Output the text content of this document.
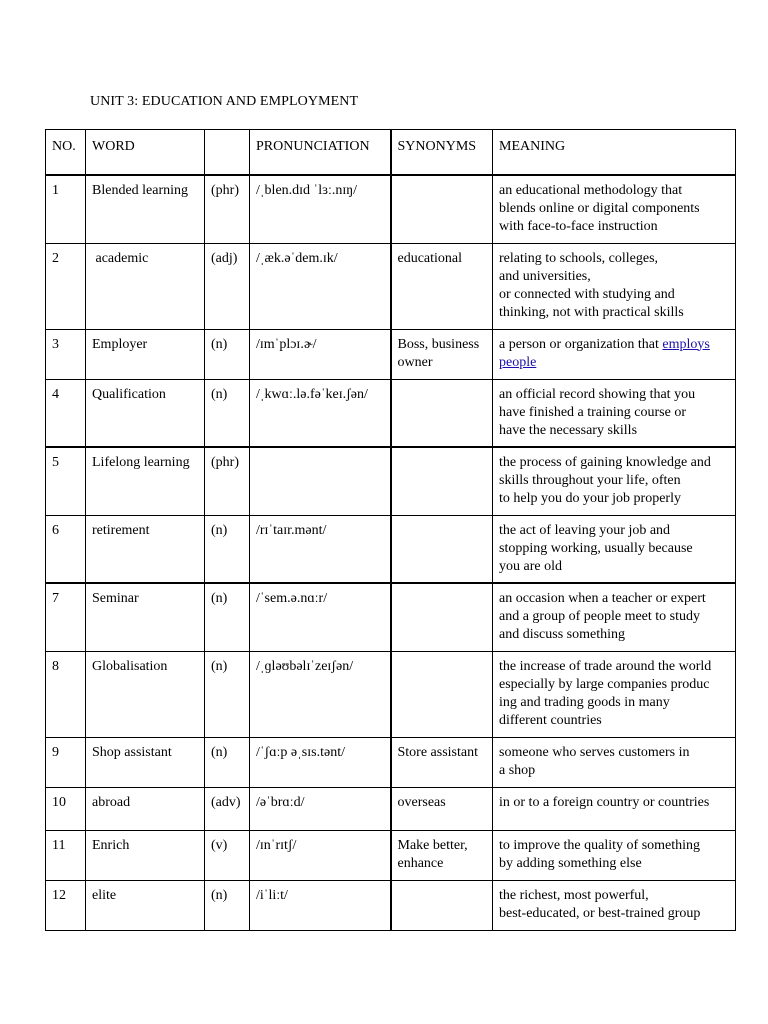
UNIT 3: EDUCATION AND EMPLOYMENT
NO.	WORD		PRONUNCIATION	SYNONYMS	MEANING
1	Blended learning	(phr)	/ˌblen.dɪd ˈlɜː.nɪŋ/		an educational methodology that
blends online or digital components
with face-to-face instruction
2	academic	(adj)	/ˌæk.əˈdem.ɪk/	educational	relating to schools, colleges,
and universities,
or connected with studying and
thinking, not with practical skills
3	Employer	(n)	/ɪmˈplɔɪ.ɚ/	Boss, business owner	a person or organization that employs people
4	Qualification	(n)	/ˌkwɑː.lə.fəˈkeɪ.ʃən/		an official record showing that you
have finished a training course or
have the necessary skills
5	Lifelong learning	(phr)			the process of gaining knowledge and
skills throughout your life, often
to help you do your job properly
6	retirement	(n)	/rɪˈtaɪr.mənt/		the act of leaving your job and
stopping working, usually because
you are old
7	Seminar	(n)	/ˈsem.ə.nɑːr/		an occasion when a teacher or expert
and a group of people meet to study
and discuss something
8	Globalisation	(n)	/ˌɡləʊbəlɪˈzeɪʃən/		the increase of trade around the world
especially by large companies produc
ing and trading goods in many
different countries
9	Shop assistant	(n)	/ˈʃɑːp əˌsɪs.tənt/	Store assistant	someone who serves customers in
a shop
10	abroad	(adv)	/əˈbrɑːd/	overseas	in or to a foreign country or countries
11	Enrich	(v)	/ɪnˈrɪtʃ/	Make better, enhance	to improve the quality of something
by adding something else
12	elite	(n)	/iˈliːt/		the richest, most powerful,
best-educated, or best-trained group
